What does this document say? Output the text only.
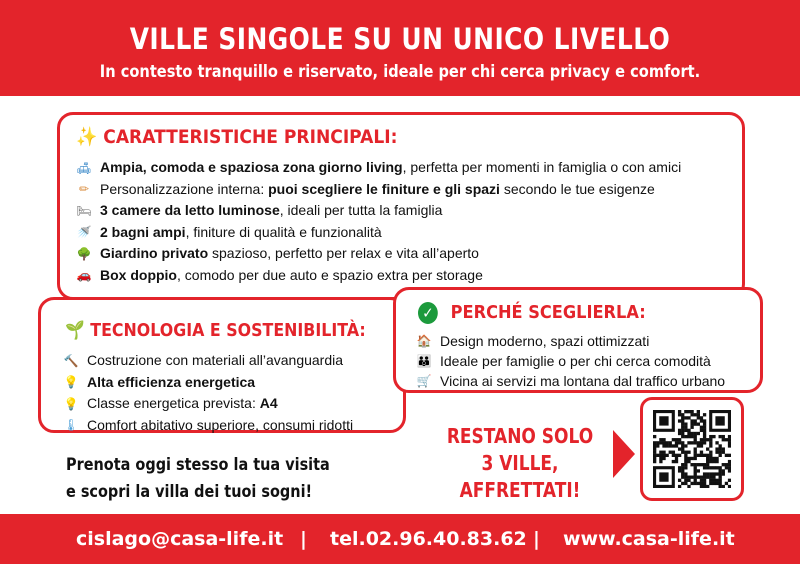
VILLE SINGOLE SU UN UNICO LIVELLO
In contesto tranquillo e riservato, ideale per chi cerca privacy e comfort.
✨ CARATTERISTICHE PRINCIPALI:
🛋 Ampia, comoda e spaziosa zona giorno living, perfetta per momenti in famiglia o con amici
✏ Personalizzazione interna: puoi scegliere le finiture e gli spazi secondo le tue esigenze
🛏 3 camere da letto luminose, ideali per tutta la famiglia
🚿 2 bagni ampi, finiture di qualità e funzionalità
🌳 Giardino privato spazioso, perfetto per relax e vita all’aperto
🚗 Box doppio, comodo per due auto e spazio extra per storage
🌱 TECNOLOGIA E SOSTENIBILITÀ:
🔨 Costruzione con materiali all’avanguardia
💡 Alta efficienza energetica
💡 Classe energetica prevista: A4
🌡 Comfort abitativo superiore, consumi ridotti
✓ PERCHÉ SCEGLIERLA:
🏠 Design moderno, spazi ottimizzati
👪 Ideale per famiglie o per chi cerca comodità
🛒 Vicina ai servizi ma lontana dal traffico urbano
Prenota oggi stesso la tua visita
e scopri la villa dei tuoi sogni!
RESTANO SOLO
3 VILLE, AFFRETTATI!
cislago@casa-life.it | tel.02.96.40.83.62 | www.casa-life.it
